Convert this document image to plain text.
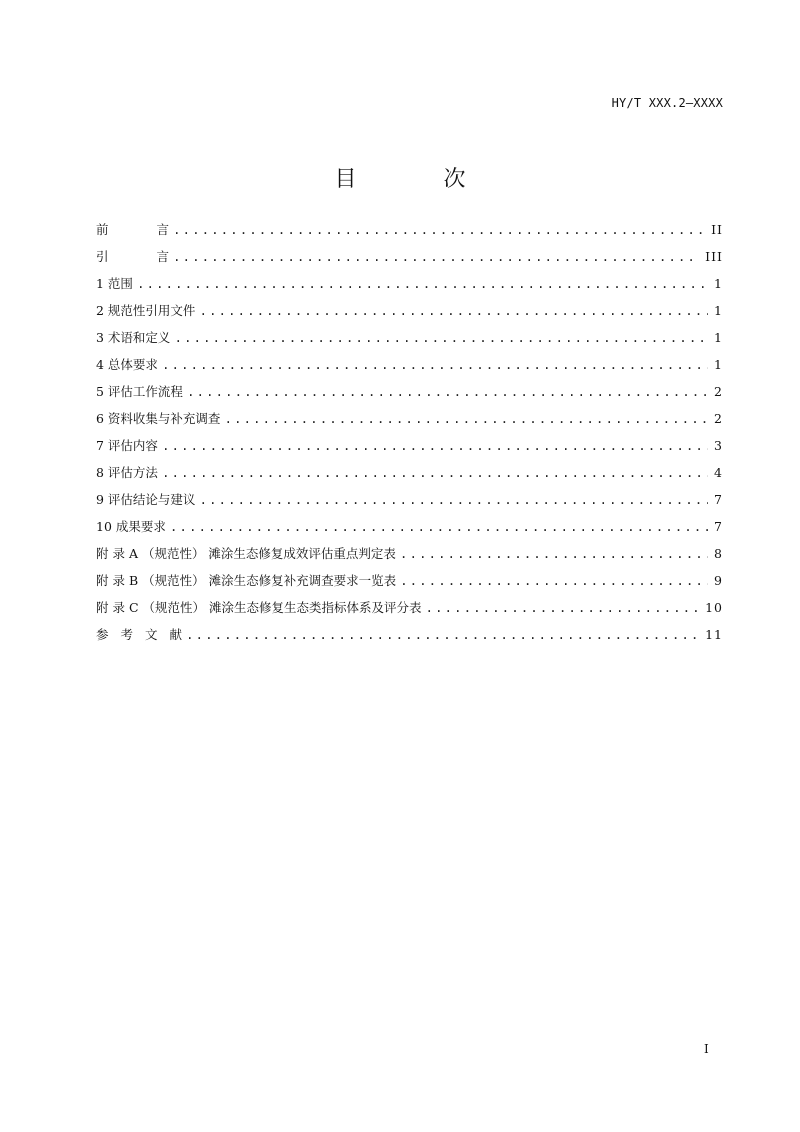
HY/T XXX.2—XXXX
目 次
前言 .....	II
引言 .....	III
1 范围 .....	1
2 规范性引用文件 .....	1
3 术语和定义 .....	1
4 总体要求 .....	1
5 评估工作流程 .....	2
6 资料收集与补充调查 .....	2
7 评估内容 .....	3
8 评估方法 .....	4
9 评估结论与建议 .....	7
10 成果要求 .....	7
附 录 A （规范性） 滩涂生态修复成效评估重点判定表 .....	8
附 录 B （规范性） 滩涂生态修复补充调查要求一览表 .....	9
附 录 C （规范性） 滩涂生态修复生态类指标体系及评分表 .....	10
参考文献 .....	11
I
